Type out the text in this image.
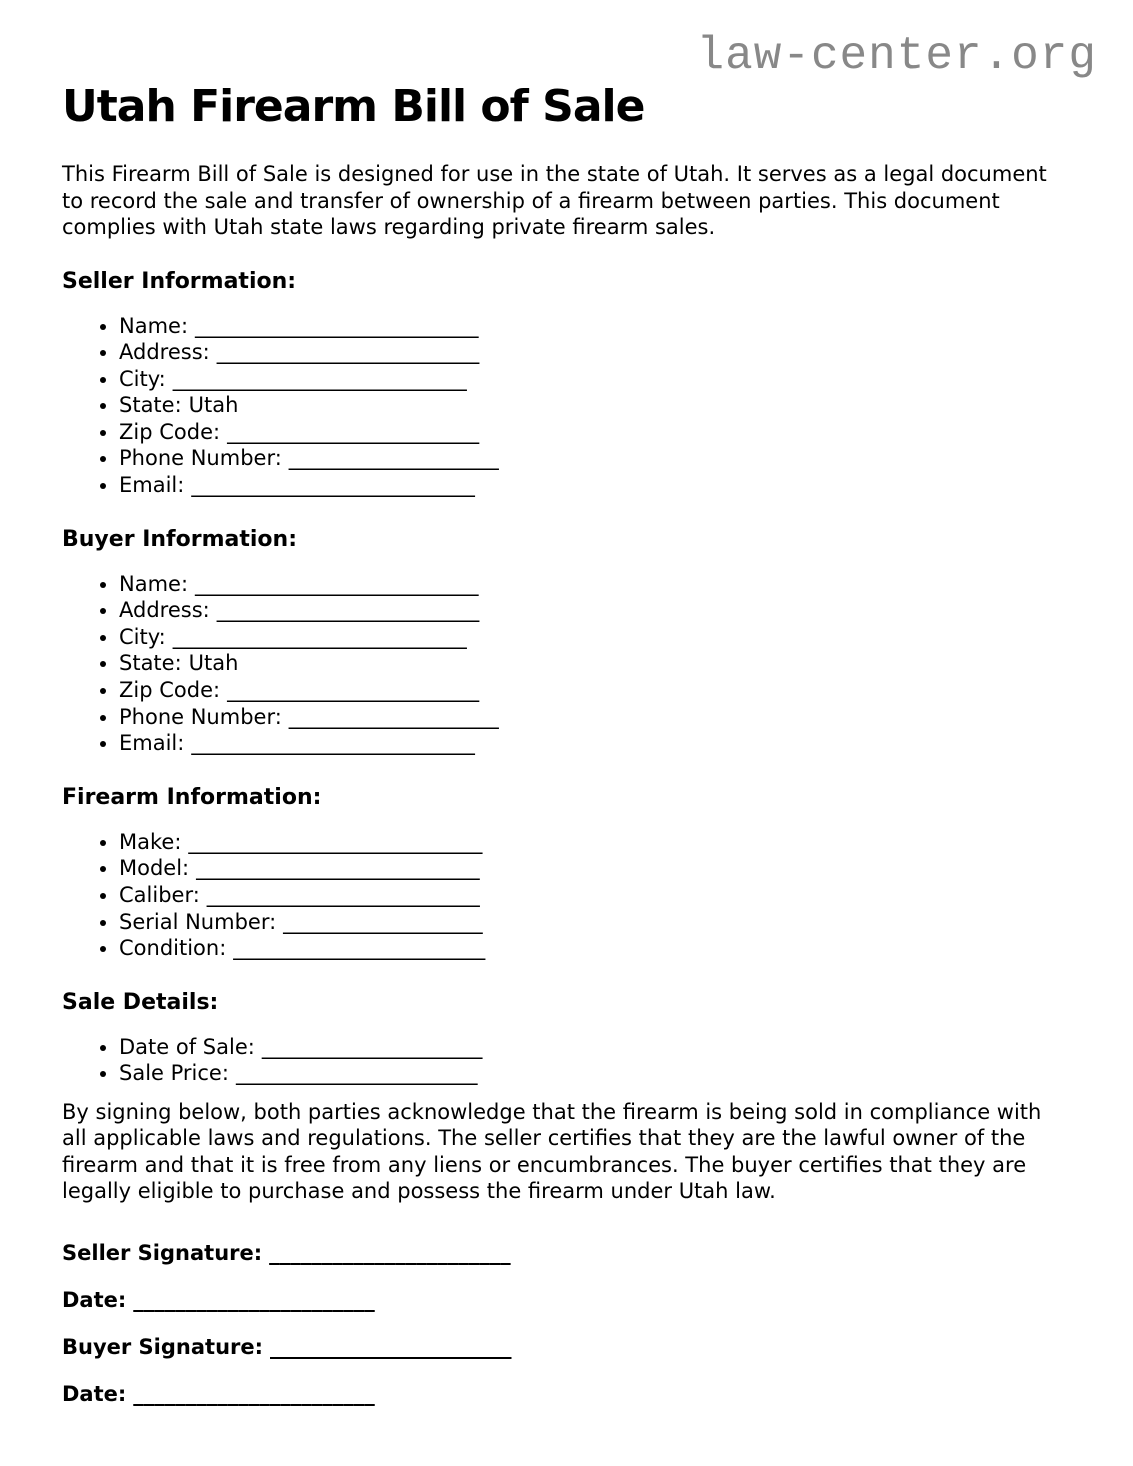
law-center.org
Utah Firearm Bill of Sale

This Firearm Bill of Sale is designed for use in the state of Utah. It serves as a legal document to record the sale and transfer of ownership of a firearm between parties. This document complies with Utah state laws regarding private firearm sales.

Seller Information:
• Name: ___________________________
• Address: _________________________
• City: ____________________________
• State: Utah
• Zip Code: ________________________
• Phone Number: ____________________
• Email: ___________________________
Buyer Information:
• Name: ___________________________
• Address: _________________________
• City: ____________________________
• State: Utah
• Zip Code: ________________________
• Phone Number: ____________________
• Email: ___________________________
Firearm Information:
• Make: ____________________________
• Model: ___________________________
• Caliber: __________________________
• Serial Number: ___________________
• Condition: ________________________
Sale Details:
• Date of Sale: _____________________
• Sale Price: _______________________

By signing below, both parties acknowledge that the firearm is being sold in compliance with all applicable laws and regulations. The seller certifies that they are the lawful owner of the firearm and that it is free from any liens or encumbrances. The buyer certifies that they are legally eligible to purchase and possess the firearm under Utah law.

Seller Signature: _______________________

Date: _______________________

Buyer Signature: _______________________

Date: _______________________
